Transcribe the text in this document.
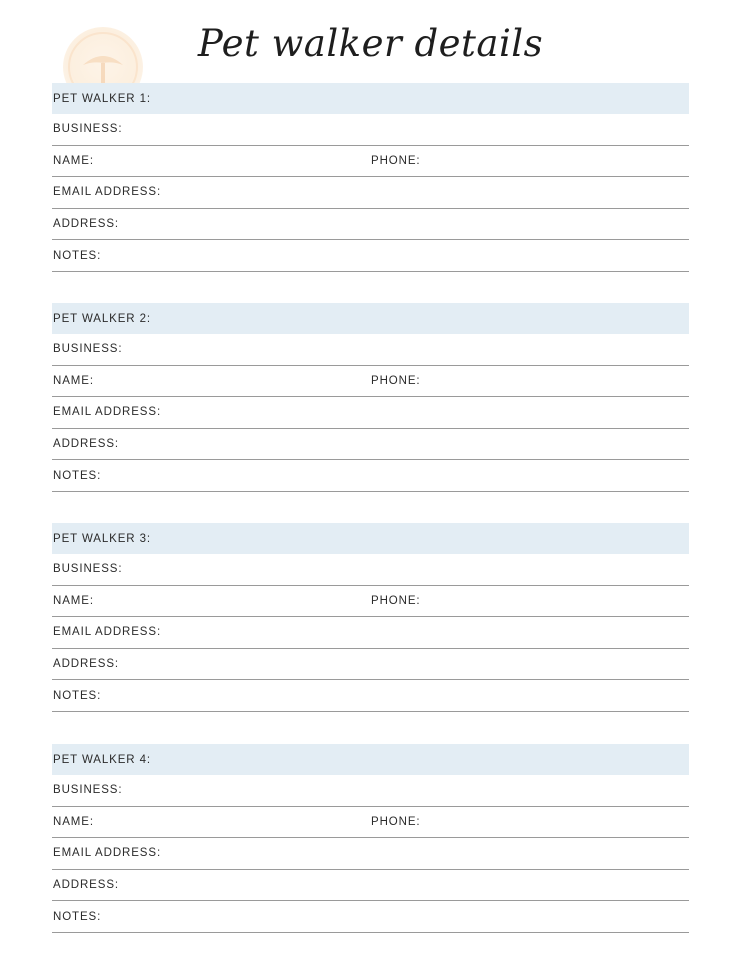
Pet walker details
PET WALKER 1:
BUSINESS:
NAME:	PHONE:
EMAIL ADDRESS:
ADDRESS:
NOTES:
PET WALKER 2:
BUSINESS:
NAME:	PHONE:
EMAIL ADDRESS:
ADDRESS:
NOTES:
PET WALKER 3:
BUSINESS:
NAME:	PHONE:
EMAIL ADDRESS:
ADDRESS:
NOTES:
PET WALKER 4:
BUSINESS:
NAME:	PHONE:
EMAIL ADDRESS:
ADDRESS:
NOTES:
